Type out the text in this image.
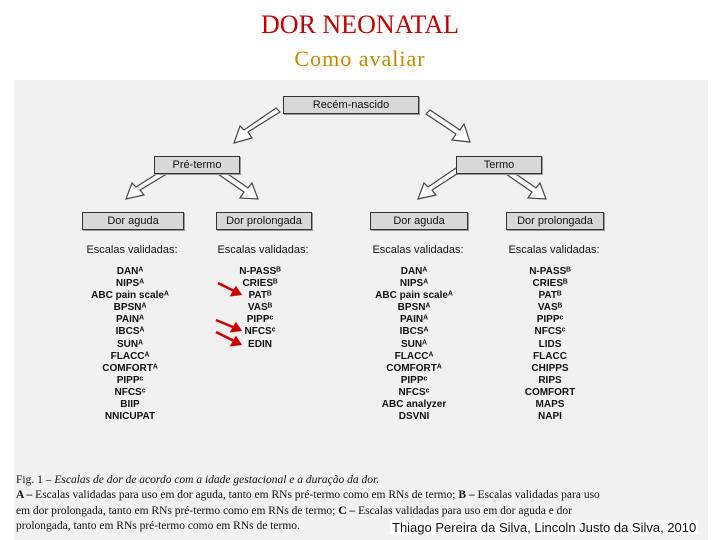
DOR NEONATAL
Como avaliar
Recém-nascido
Pré-termo	Termo
Dor aguda	Dor prolongada	Dor aguda	Dor prolongada
Escalas validadas:	Escalas validadas:	Escalas validadas:	Escalas validadas:
DANᴬ
NIPSᴬ
ABC pain scaleᴬ
BPSNᴬ
PAINᴬ
IBCSᴬ
SUNᴬ
FLACCᴬ
COMFORTᴬ
PIPPᶜ
NFCSᶜ
BIIP
NNICUPAT
N-PASSᴮ
CRIESᴮ
PATᴮ
VASᴮ
PIPPᶜ
NFCSᶜ
EDIN
DANᴬ
NIPSᴬ
ABC pain scaleᴬ
BPSNᴬ
PAINᴬ
IBCSᴬ
SUNᴬ
FLACCᴬ
COMFORTᴬ
PIPPᶜ
NFCSᶜ
ABC analyzer
DSVNI
N-PASSᴮ
CRIESᴮ
PATᴮ
VASᴮ
PIPPᶜ
NFCSᶜ
LIDS
FLACC
CHIPPS
RIPS
COMFORT
MAPS
NAPI
Fig. 1 – Escalas de dor de acordo com a idade gestacional e a duração da dor.
A – Escalas validadas para uso em dor aguda, tanto em RNs pré-termo como em RNs de termo; B – Escalas validadas para uso
em dor prolongada, tanto em RNs pré-termo como em RNs de termo; C – Escalas validadas para uso em dor aguda e dor
prolongada, tanto em RNs pré-termo como em RNs de termo.	Thiago Pereira da Silva, Lincoln Justo da Silva, 2010
